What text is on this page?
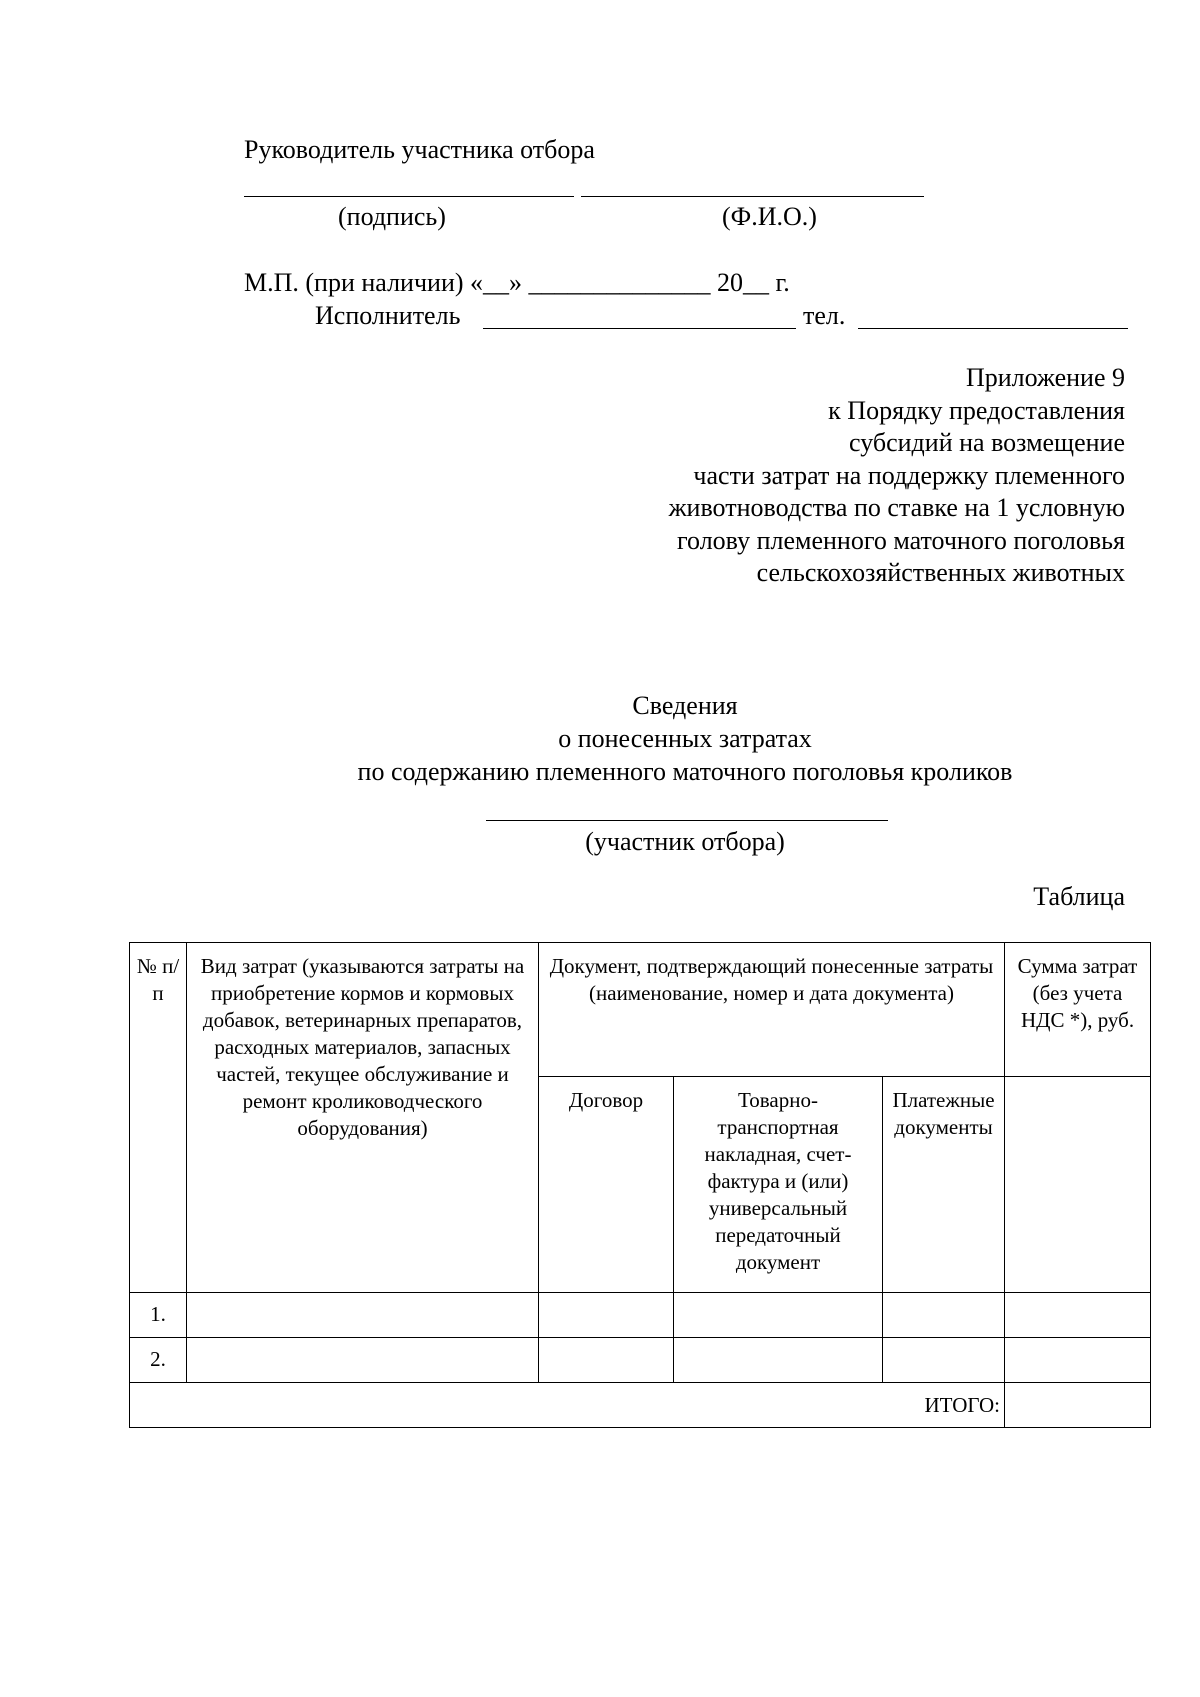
Руководитель участника отбора
(подпись)	(Ф.И.О.)
М.П. (при наличии) «__» ______________ 20__ г.
Исполнитель	тел.
Приложение 9
к Порядку предоставления
субсидий на возмещение
части затрат на поддержку племенного
животноводства по ставке на 1 условную
голову племенного маточного поголовья
сельскохозяйственных животных
Сведения
о понесенных затратах
по содержанию племенного маточного поголовья кроликов
(участник отбора)
Таблица
№ п/п	Вид затрат (указываются затраты на приобретение кормов и кормовых добавок, ветеринарных препаратов, расходных материалов, запасных частей, текущее обслуживание и ремонт кролиководческого оборудования)	Документ, подтверждающий понесенные затраты (наименование, номер и дата документа)			Сумма затрат (без учета НДС *), руб.
		Договор	Товарно-транспортная накладная, счет-фактура и (или) универсальный передаточный документ	Платежные документы	
1.					
2.					
ИТОГО:					
